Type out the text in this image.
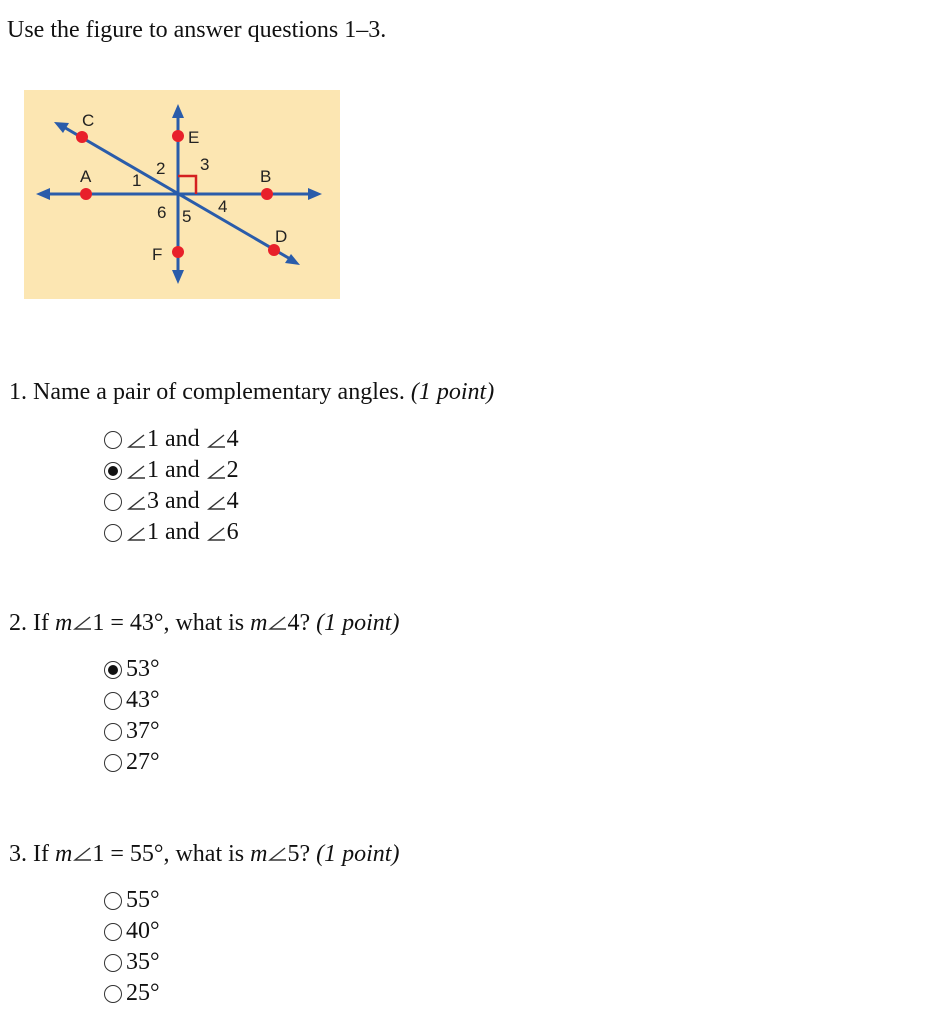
Use the figure to answer questions 1–3.
A	B
C
D
E
F
1
2 3
4
5
6
1. Name a pair of complementary angles. (1 point)
1
and
4
1
and
2
3
and
4
1
and
6
2. If m 1 = 43°, what is m 4? (1 point)
53°
43°
37°
27°
3. If m 1 = 55°, what is m 5? (1 point)
55°
40°
35°
25°
